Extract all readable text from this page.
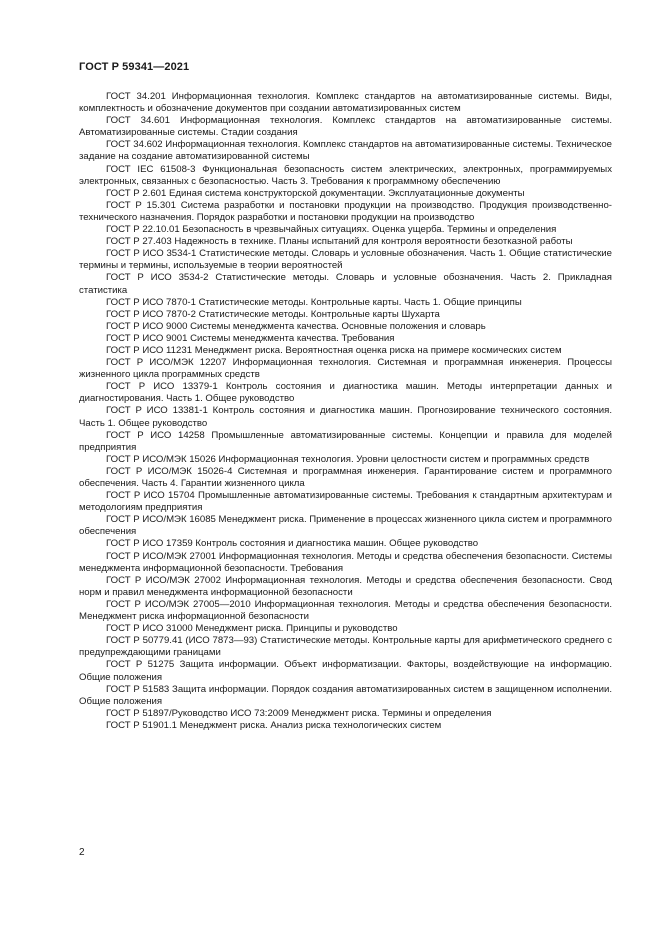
ГОСТ Р 59341—2021

ГОСТ 34.201 Информационная технология. Комплекс стандартов на автоматизированные системы. Виды, комплектность и обозначение документов при создании автоматизированных систем

ГОСТ 34.601 Информационная технология. Комплекс стандартов на автоматизированные системы. Автоматизированные системы. Стадии создания

ГОСТ 34.602 Информационная технология. Комплекс стандартов на автоматизированные системы. Техническое задание на создание автоматизированной системы

ГОСТ IEC 61508-3 Функциональная безопасность систем электрических, электронных, программируемых электронных, связанных с безопасностью. Часть 3. Требования к программному обеспечению

ГОСТ Р 2.601 Единая система конструкторской документации. Эксплуатационные документы

ГОСТ Р 15.301 Система разработки и постановки продукции на производство. Продукция производственно-технического назначения. Порядок разработки и постановки продукции на производство

ГОСТ Р 22.10.01 Безопасность в чрезвычайных ситуациях. Оценка ущерба. Термины и определения

ГОСТ Р 27.403 Надежность в технике. Планы испытаний для контроля вероятности безотказной работы

ГОСТ Р ИСО 3534-1 Статистические методы. Словарь и условные обозначения. Часть 1. Общие статистические термины и термины, используемые в теории вероятностей

ГОСТ Р ИСО 3534-2 Статистические методы. Словарь и условные обозначения. Часть 2. Прикладная статистика

ГОСТ Р ИСО 7870-1 Статистические методы. Контрольные карты. Часть 1. Общие принципы

ГОСТ Р ИСО 7870-2 Статистические методы. Контрольные карты Шухарта

ГОСТ Р ИСО 9000 Системы менеджмента качества. Основные положения и словарь

ГОСТ Р ИСО 9001 Системы менеджмента качества. Требования

ГОСТ Р ИСО 11231 Менеджмент риска. Вероятностная оценка риска на примере космических систем

ГОСТ Р ИСО/МЭК 12207 Информационная технология. Системная и программная инженерия. Процессы жизненного цикла программных средств

ГОСТ Р ИСО 13379-1 Контроль состояния и диагностика машин. Методы интерпретации данных и диагностирования. Часть 1. Общее руководство

ГОСТ Р ИСО 13381-1 Контроль состояния и диагностика машин. Прогнозирование технического состояния. Часть 1. Общее руководство

ГОСТ Р ИСО 14258 Промышленные автоматизированные системы. Концепции и правила для моделей предприятия

ГОСТ Р ИСО/МЭК 15026 Информационная технология. Уровни целостности систем и программных средств

ГОСТ Р ИСО/МЭК 15026-4 Системная и программная инженерия. Гарантирование систем и программного обеспечения. Часть 4. Гарантии жизненного цикла

ГОСТ Р ИСО 15704 Промышленные автоматизированные системы. Требования к стандартным архитектурам и методологиям предприятия

ГОСТ Р ИСО/МЭК 16085 Менеджмент риска. Применение в процессах жизненного цикла систем и программного обеспечения

ГОСТ Р ИСО 17359 Контроль состояния и диагностика машин. Общее руководство

ГОСТ Р ИСО/МЭК 27001 Информационная технология. Методы и средства обеспечения безопасности. Системы менеджмента информационной безопасности. Требования

ГОСТ Р ИСО/МЭК 27002 Информационная технология. Методы и средства обеспечения безопасности. Свод норм и правил менеджмента информационной безопасности

ГОСТ Р ИСО/МЭК 27005—2010 Информационная технология. Методы и средства обеспечения безопасности. Менеджмент риска информационной безопасности

ГОСТ Р ИСО 31000 Менеджмент риска. Принципы и руководство

ГОСТ Р 50779.41 (ИСО 7873—93) Статистические методы. Контрольные карты для арифметического среднего с предупреждающими границами

ГОСТ Р 51275 Защита информации. Объект информатизации. Факторы, воздействующие на информацию. Общие положения

ГОСТ Р 51583 Защита информации. Порядок создания автоматизированных систем в защищенном исполнении. Общие положения

ГОСТ Р 51897/Руководство ИСО 73:2009 Менеджмент риска. Термины и определения

ГОСТ Р 51901.1 Менеджмент риска. Анализ риска технологических систем

2
